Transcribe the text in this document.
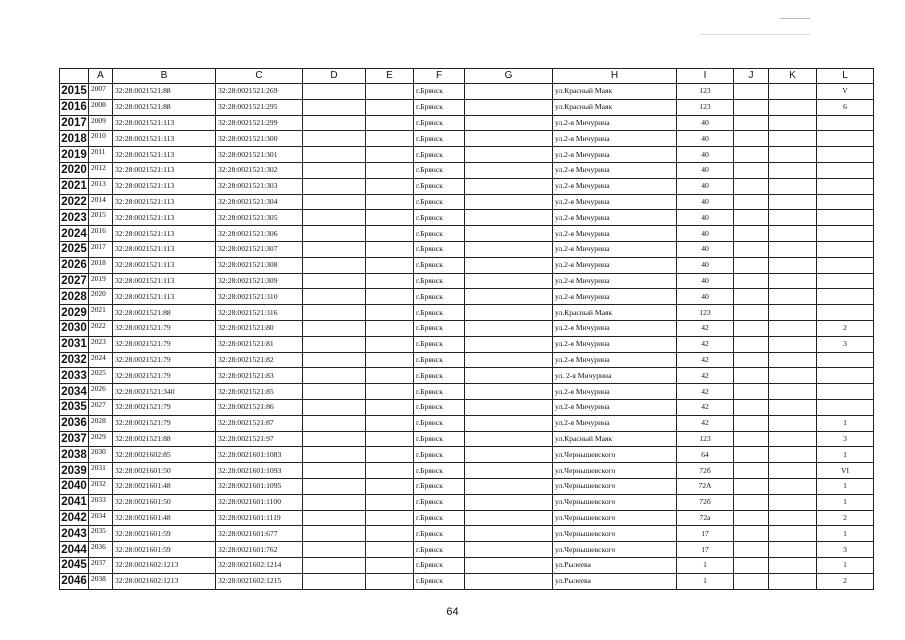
	A	B	C	D	E	F	G	H	I	J	K	L
2015	2007	32:28:0021521:88	32:28:0021521:269			г.Брянск		ул.Красный Маяк	123			V
2016	2008	32:28:0021521:88	32:28:0021521:295			г.Брянск		ул.Красный Маяк	123			6
2017	2009	32:28:0021521:113	32:28:0021521:299			г.Брянск		ул.2-я Мичурина	40			
2018	2010	32:28:0021521:113	32:28:0021521:300			г.Брянск		ул.2-я Мичурина	40			
2019	2011	32:28:0021521:113	32:28:0021521:301			г.Брянск		ул.2-я Мичурина	40			
2020	2012	32:28:0021521:113	32:28:0021521:302			г.Брянск		ул.2-я Мичурина	40			
2021	2013	32:28:0021521:113	32:28:0021521:303			г.Брянск		ул.2-я Мичурина	40			
2022	2014	32:28:0021521:113	32:28:0021521:304			г.Брянск		ул.2-я Мичурина	40			
2023	2015	32:28:0021521:113	32:28:0021521:305			г.Брянск		ул.2-я Мичурина	40			
2024	2016	32:28:0021521:113	32:28:0021521:306			г.Брянск		ул.2-я Мичурина	40			
2025	2017	32:28:0021521:113	32:28:0021521:307			г.Брянск		ул.2-я Мичурина	40			
2026	2018	32:28:0021521:113	32:28:0021521:308			г.Брянск		ул.2-я Мичурина	40			
2027	2019	32:28:0021521:113	32:28:0021521:309			г.Брянск		ул.2-я Мичурина	40			
2028	2020	32:28:0021521:113	32:28:0021521:310			г.Брянск		ул.2-я Мичурина	40			
2029	2021	32:28:0021521:88	32:28:0021521:316			г.Брянск		ул.Красный Маяк	123			
2030	2022	32:28:0021521:79	32:28:0021521:80			г.Брянск		ул.2-я Мичурина	42			2
2031	2023	32:28:0021521:79	32:28:0021521:81			г.Брянск		ул.2-я Мичурина	42			3
2032	2024	32:28:0021521:79	32:28:0021521:82			г.Брянск		ул.2-я Мичурина	42			
2033	2025	32:28:0021521:79	32:28:0021521:83			г.Брянск		ул. 2-я Мичурина	42			
2034	2026	32:28:0021521:340	32:28:0021521:85			г.Брянск		ул.2-я Мичурина	42			
2035	2027	32:28:0021521:79	32:28:0021521:86			г.Брянск		ул.2-я Мичурина	42			
2036	2028	32:28:0021521:79	32:28:0021521:87			г.Брянск		ул.2-я Мичурина	42			1
2037	2029	32:28:0021521:88	32:28:0021521:97			г.Брянск		ул.Красный Маяк	123			3
2038	2030	32:28:0021602:85	32:28:0021601:1083			г.Брянск		ул.Чернышевского	64			1
2039	2031	32:28:0021601:50	32:28:0021601:1093			г.Брянск		ул.Чернышевского	72б			VI
2040	2032	32:28:0021601:48	32:28:0021601:1095			г.Брянск		ул.Чернышевского	72А			1
2041	2033	32:28:0021601:50	32:28:0021601:1100			г.Брянск		ул.Чернышевского	72б			1
2042	2034	32:28:0021601:48	32:28:0021601:1119			г.Брянск		ул.Чернышевского	72а			2
2043	2035	32:28:0021601:59	32:28:0021601:677			г.Брянск		ул.Чернышевского	17			1
2044	2036	32:28:0021601:59	32:28:0021601:762			г.Брянск		ул.Чернышевского	17			3
2045	2037	32:28:0021602:1213	32:28:0021602:1214			г.Брянск		ул.Рылеева	1			1
2046	2038	32:28:0021602:1213	32:28:0021602:1215			г.Брянск		ул.Рылеева	1			2
64
